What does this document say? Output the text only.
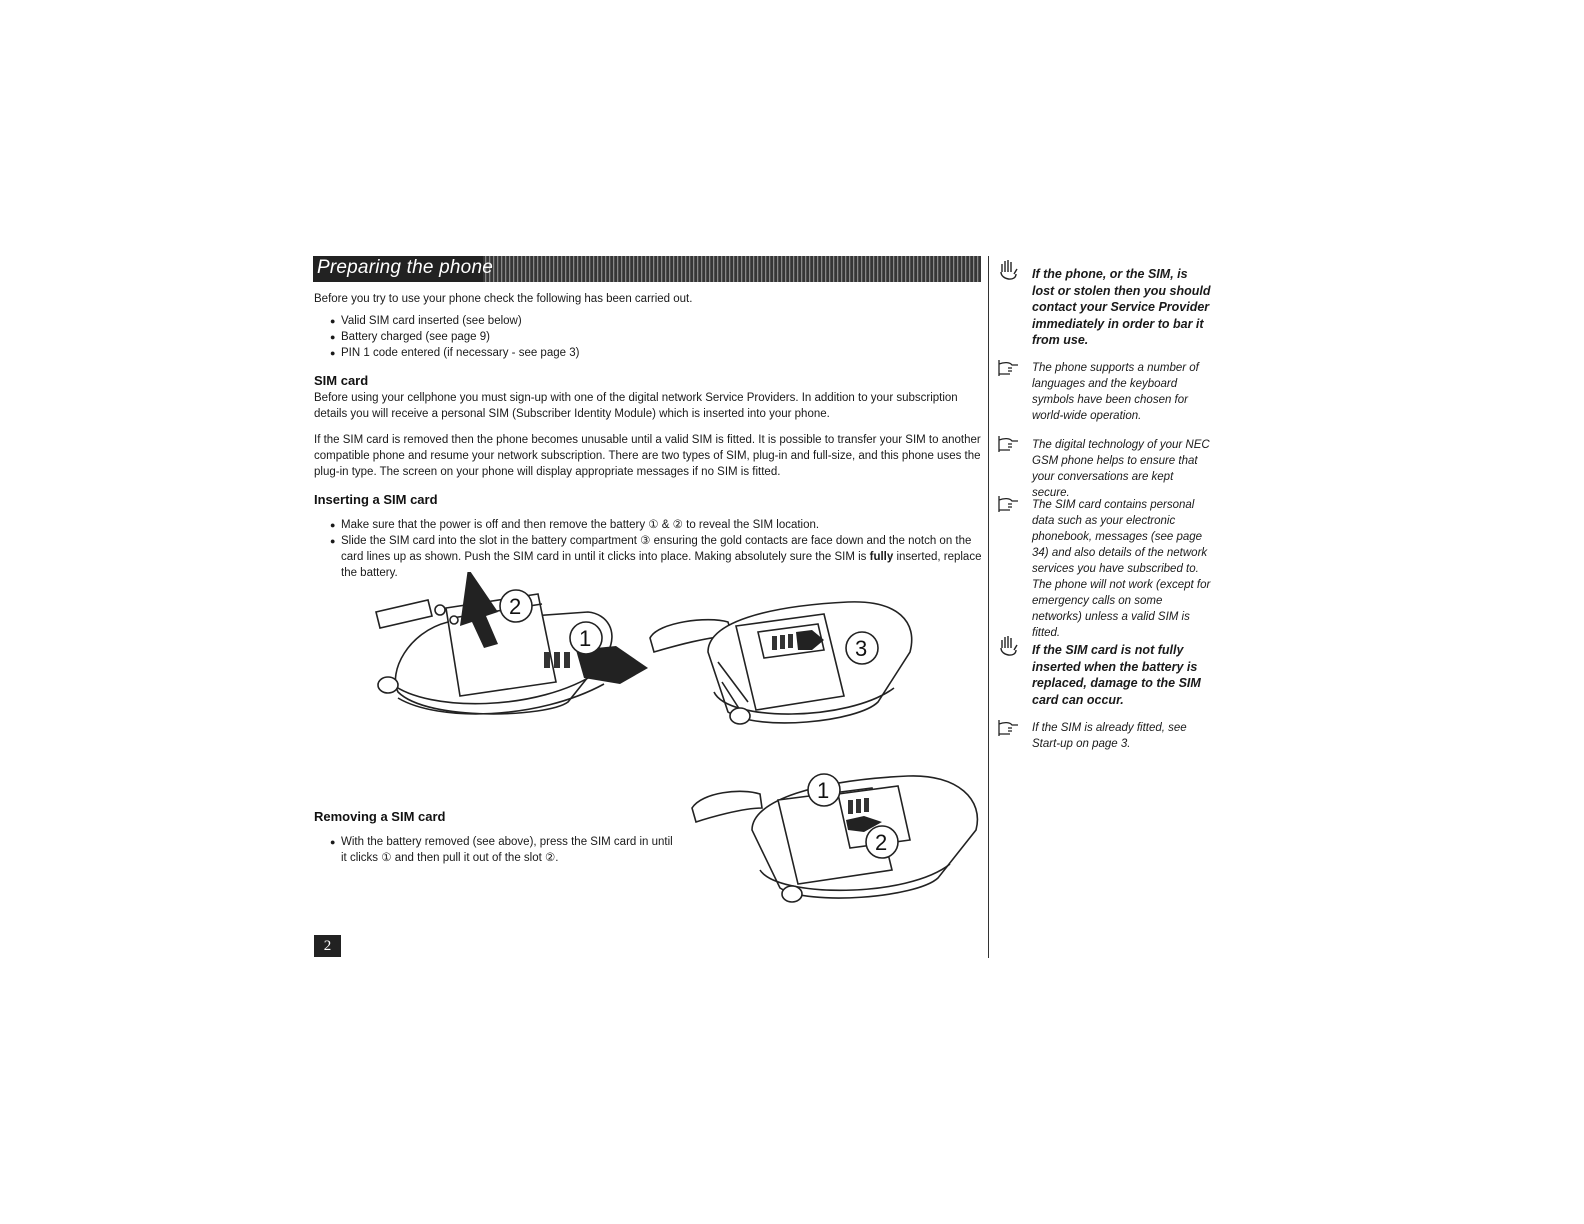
Preparing the phone
Before you try to use your phone check the following has been carried out.
● Valid SIM card inserted (see below)
● Battery charged (see page 9)
● PIN 1 code entered (if necessary - see page 3)
SIM card
Before using your cellphone you must sign-up with one of the digital network Service Providers. In addition to your subscription details you will receive a personal SIM (Subscriber Identity Module) which is inserted into your phone.
If the SIM card is removed then the phone becomes unusable until a valid SIM is fitted. It is possible to transfer your SIM to another compatible phone and resume your network subscription. There are two types of SIM, plug-in and full-size, and this phone uses the plug-in type. The screen on your phone will display appropriate messages if no SIM is fitted.
Inserting a SIM card
● Make sure that the power is off and then remove the battery ① & ② to reveal the SIM location.
● Slide the SIM card into the slot in the battery compartment ③ ensuring the gold contacts are face down and the notch on the card lines up as shown. Push the SIM card in until it clicks into place. Making absolutely sure the SIM is fully inserted, replace the battery.
2
1	3
Removing a SIM card
● With the battery removed (see above), press the SIM card in until it clicks ① and then pull it out of the slot ②.
1
2
2
If the phone, or the SIM, is lost or stolen then you should contact your Service Provider immediately in order to bar it from use.
The phone supports a number of languages and the keyboard symbols have been chosen for world-wide operation.
The digital technology of your NEC GSM phone helps to ensure that your conversations are kept secure.
The SIM card contains personal data such as your electronic phonebook, messages (see page 34) and also details of the network services you have subscribed to. The phone will not work (except for emergency calls on some networks) unless a valid SIM is fitted.
If the SIM card is not fully inserted when the battery is replaced, damage to the SIM card can occur.
If the SIM is already fitted, see Start-up on page 3.
